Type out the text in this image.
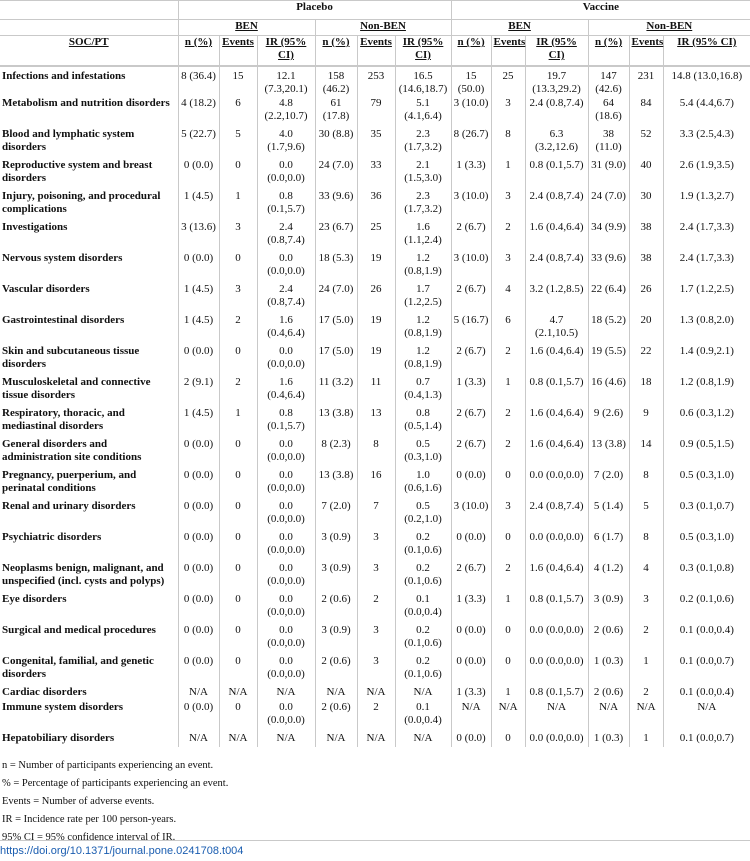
	Placebo						Vaccine					
	BEN			Non-BEN			BEN			Non-BEN		
SOC/PT	n (%)	Events	IR (95% CI)	n (%)	Events	IR (95% CI)	n (%)	Events	IR (95% CI)	n (%)	Events	IR (95% CI)
Infections and infestations	8 (36.4)	15	12.1 (7.3,20.1)	158 (46.2)	253	16.5 (14.6,18.7)	15 (50.0)	25	19.7 (13.3,29.2)	147 (42.6)	231	14.8 (13.0,16.8)
Metabolism and nutrition disorders	4 (18.2)	6	4.8 (2.2,10.7)	61 (17.8)	79	5.1 (4.1,6.4)	3 (10.0)	3	2.4 (0.8,7.4)	64 (18.6)	84	5.4 (4.4,6.7)
Blood and lymphatic system disorders	5 (22.7)	5	4.0 (1.7,9.6)	30 (8.8)	35	2.3 (1.7,3.2)	8 (26.7)	8	6.3 (3.2,12.6)	38 (11.0)	52	3.3 (2.5,4.3)
Reproductive system and breast disorders	0 (0.0)	0	0.0 (0.0,0.0)	24 (7.0)	33	2.1 (1.5,3.0)	1 (3.3)	1	0.8 (0.1,5.7)	31 (9.0)	40	2.6 (1.9,3.5)
Injury, poisoning, and procedural complications	1 (4.5)	1	0.8 (0.1,5.7)	33 (9.6)	36	2.3 (1.7,3.2)	3 (10.0)	3	2.4 (0.8,7.4)	24 (7.0)	30	1.9 (1.3,2.7)
Investigations	3 (13.6)	3	2.4 (0.8,7.4)	23 (6.7)	25	1.6 (1.1,2.4)	2 (6.7)	2	1.6 (0.4,6.4)	34 (9.9)	38	2.4 (1.7,3.3)
Nervous system disorders	0 (0.0)	0	0.0 (0.0,0.0)	18 (5.3)	19	1.2 (0.8,1.9)	3 (10.0)	3	2.4 (0.8,7.4)	33 (9.6)	38	2.4 (1.7,3.3)
Vascular disorders	1 (4.5)	3	2.4 (0.8,7.4)	24 (7.0)	26	1.7 (1.2,2.5)	2 (6.7)	4	3.2 (1.2,8.5)	22 (6.4)	26	1.7 (1.2,2.5)
Gastrointestinal disorders	1 (4.5)	2	1.6 (0.4,6.4)	17 (5.0)	19	1.2 (0.8,1.9)	5 (16.7)	6	4.7 (2.1,10.5)	18 (5.2)	20	1.3 (0.8,2.0)
Skin and subcutaneous tissue disorders	0 (0.0)	0	0.0 (0.0,0.0)	17 (5.0)	19	1.2 (0.8,1.9)	2 (6.7)	2	1.6 (0.4,6.4)	19 (5.5)	22	1.4 (0.9,2.1)
Musculoskeletal and connective tissue disorders	2 (9.1)	2	1.6 (0.4,6.4)	11 (3.2)	11	0.7 (0.4,1.3)	1 (3.3)	1	0.8 (0.1,5.7)	16 (4.6)	18	1.2 (0.8,1.9)
Respiratory, thoracic, and mediastinal disorders	1 (4.5)	1	0.8 (0.1,5.7)	13 (3.8)	13	0.8 (0.5,1.4)	2 (6.7)	2	1.6 (0.4,6.4)	9 (2.6)	9	0.6 (0.3,1.2)
General disorders and administration site conditions	0 (0.0)	0	0.0 (0.0,0.0)	8 (2.3)	8	0.5 (0.3,1.0)	2 (6.7)	2	1.6 (0.4,6.4)	13 (3.8)	14	0.9 (0.5,1.5)
Pregnancy, puerperium, and perinatal conditions	0 (0.0)	0	0.0 (0.0,0.0)	13 (3.8)	16	1.0 (0.6,1.6)	0 (0.0)	0	0.0 (0.0,0.0)	7 (2.0)	8	0.5 (0.3,1.0)
Renal and urinary disorders	0 (0.0)	0	0.0 (0.0,0.0)	7 (2.0)	7	0.5 (0.2,1.0)	3 (10.0)	3	2.4 (0.8,7.4)	5 (1.4)	5	0.3 (0.1,0.7)
Psychiatric disorders	0 (0.0)	0	0.0 (0.0,0.0)	3 (0.9)	3	0.2 (0.1,0.6)	0 (0.0)	0	0.0 (0.0,0.0)	6 (1.7)	8	0.5 (0.3,1.0)
Neoplasms benign, malignant, and unspecified (incl. cysts and polyps)	0 (0.0)	0	0.0 (0.0,0.0)	3 (0.9)	3	0.2 (0.1,0.6)	2 (6.7)	2	1.6 (0.4,6.4)	4 (1.2)	4	0.3 (0.1,0.8)
Eye disorders	0 (0.0)	0	0.0 (0.0,0.0)	2 (0.6)	2	0.1 (0.0,0.4)	1 (3.3)	1	0.8 (0.1,5.7)	3 (0.9)	3	0.2 (0.1,0.6)
Surgical and medical procedures	0 (0.0)	0	0.0 (0.0,0.0)	3 (0.9)	3	0.2 (0.1,0.6)	0 (0.0)	0	0.0 (0.0,0.0)	2 (0.6)	2	0.1 (0.0,0.4)
Congenital, familial, and genetic disorders	0 (0.0)	0	0.0 (0.0,0.0)	2 (0.6)	3	0.2 (0.1,0.6)	0 (0.0)	0	0.0 (0.0,0.0)	1 (0.3)	1	0.1 (0.0,0.7)
Cardiac disorders	N/A	N/A	N/A	N/A	N/A	N/A	1 (3.3)	1	0.8 (0.1,5.7)	2 (0.6)	2	0.1 (0.0,0.4)
Immune system disorders	0 (0.0)	0	0.0 (0.0,0.0)	2 (0.6)	2	0.1 (0.0,0.4)	N/A	N/A	N/A	N/A	N/A	N/A
Hepatobiliary disorders	N/A	N/A	N/A	N/A	N/A	N/A	0 (0.0)	0	0.0 (0.0,0.0)	1 (0.3)	1	0.1 (0.0,0.7)
n = Number of participants experiencing an event.
% = Percentage of participants experiencing an event.
Events = Number of adverse events.
IR = Incidence rate per 100 person-years.
95% CI = 95% confidence interval of IR.
https://doi.org/10.1371/journal.pone.0241708.t004
